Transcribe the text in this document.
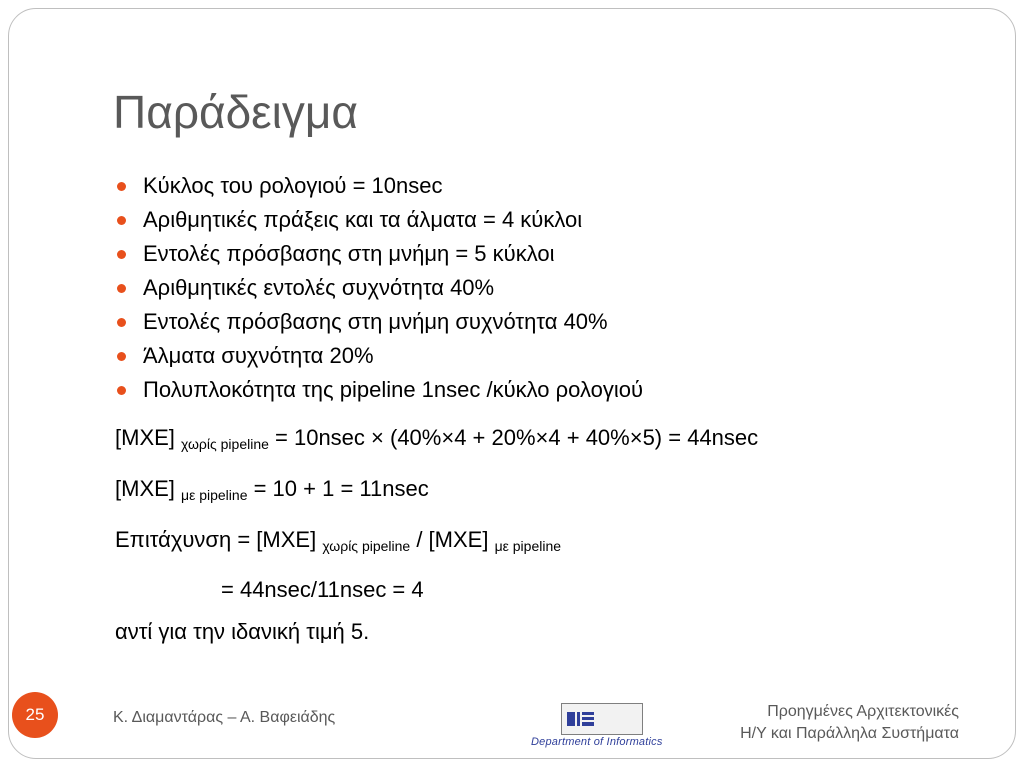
Παράδειγμα
Κύκλος του ρολογιού = 10nsec
Αριθμητικές πράξεις και τα άλματα = 4 κύκλοι
Εντολές πρόσβασης στη μνήμη = 5 κύκλοι
Αριθμητικές εντολές συχνότητα 40%
Εντολές πρόσβασης στη μνήμη συχνότητα 40%
Άλματα συχνότητα 20%
Πολυπλοκότητα της pipeline 1nsec /κύκλο ρολογιού
[ΜΧΕ] $_{\chi\omega\rho ί\varsigma pipeline}$ = 10nsec × (40%×4 + 20%×4 + 40%×5) = 44nsec
[ΜΧΕ] $_{\mu\varepsilon pipeline}$ = 10 + 1 = 11nsec
Επιτάχυνση = [ΜΧΕ] $_{\chi\omega\rho ί\varsigma pipeline}$ / [ΜΧΕ] $_{\mu\varepsilon pipeline}$
= 44nsec/11nsec = 4
αντί για την ιδανική τιμή 5.
Κ. Διαμαντάρας – Α. Βαφειάδης
Department of Informatics
Προηγμένες Αρχιτεκτονικές
Η/Υ και Παράλληλα Συστήματα
25
